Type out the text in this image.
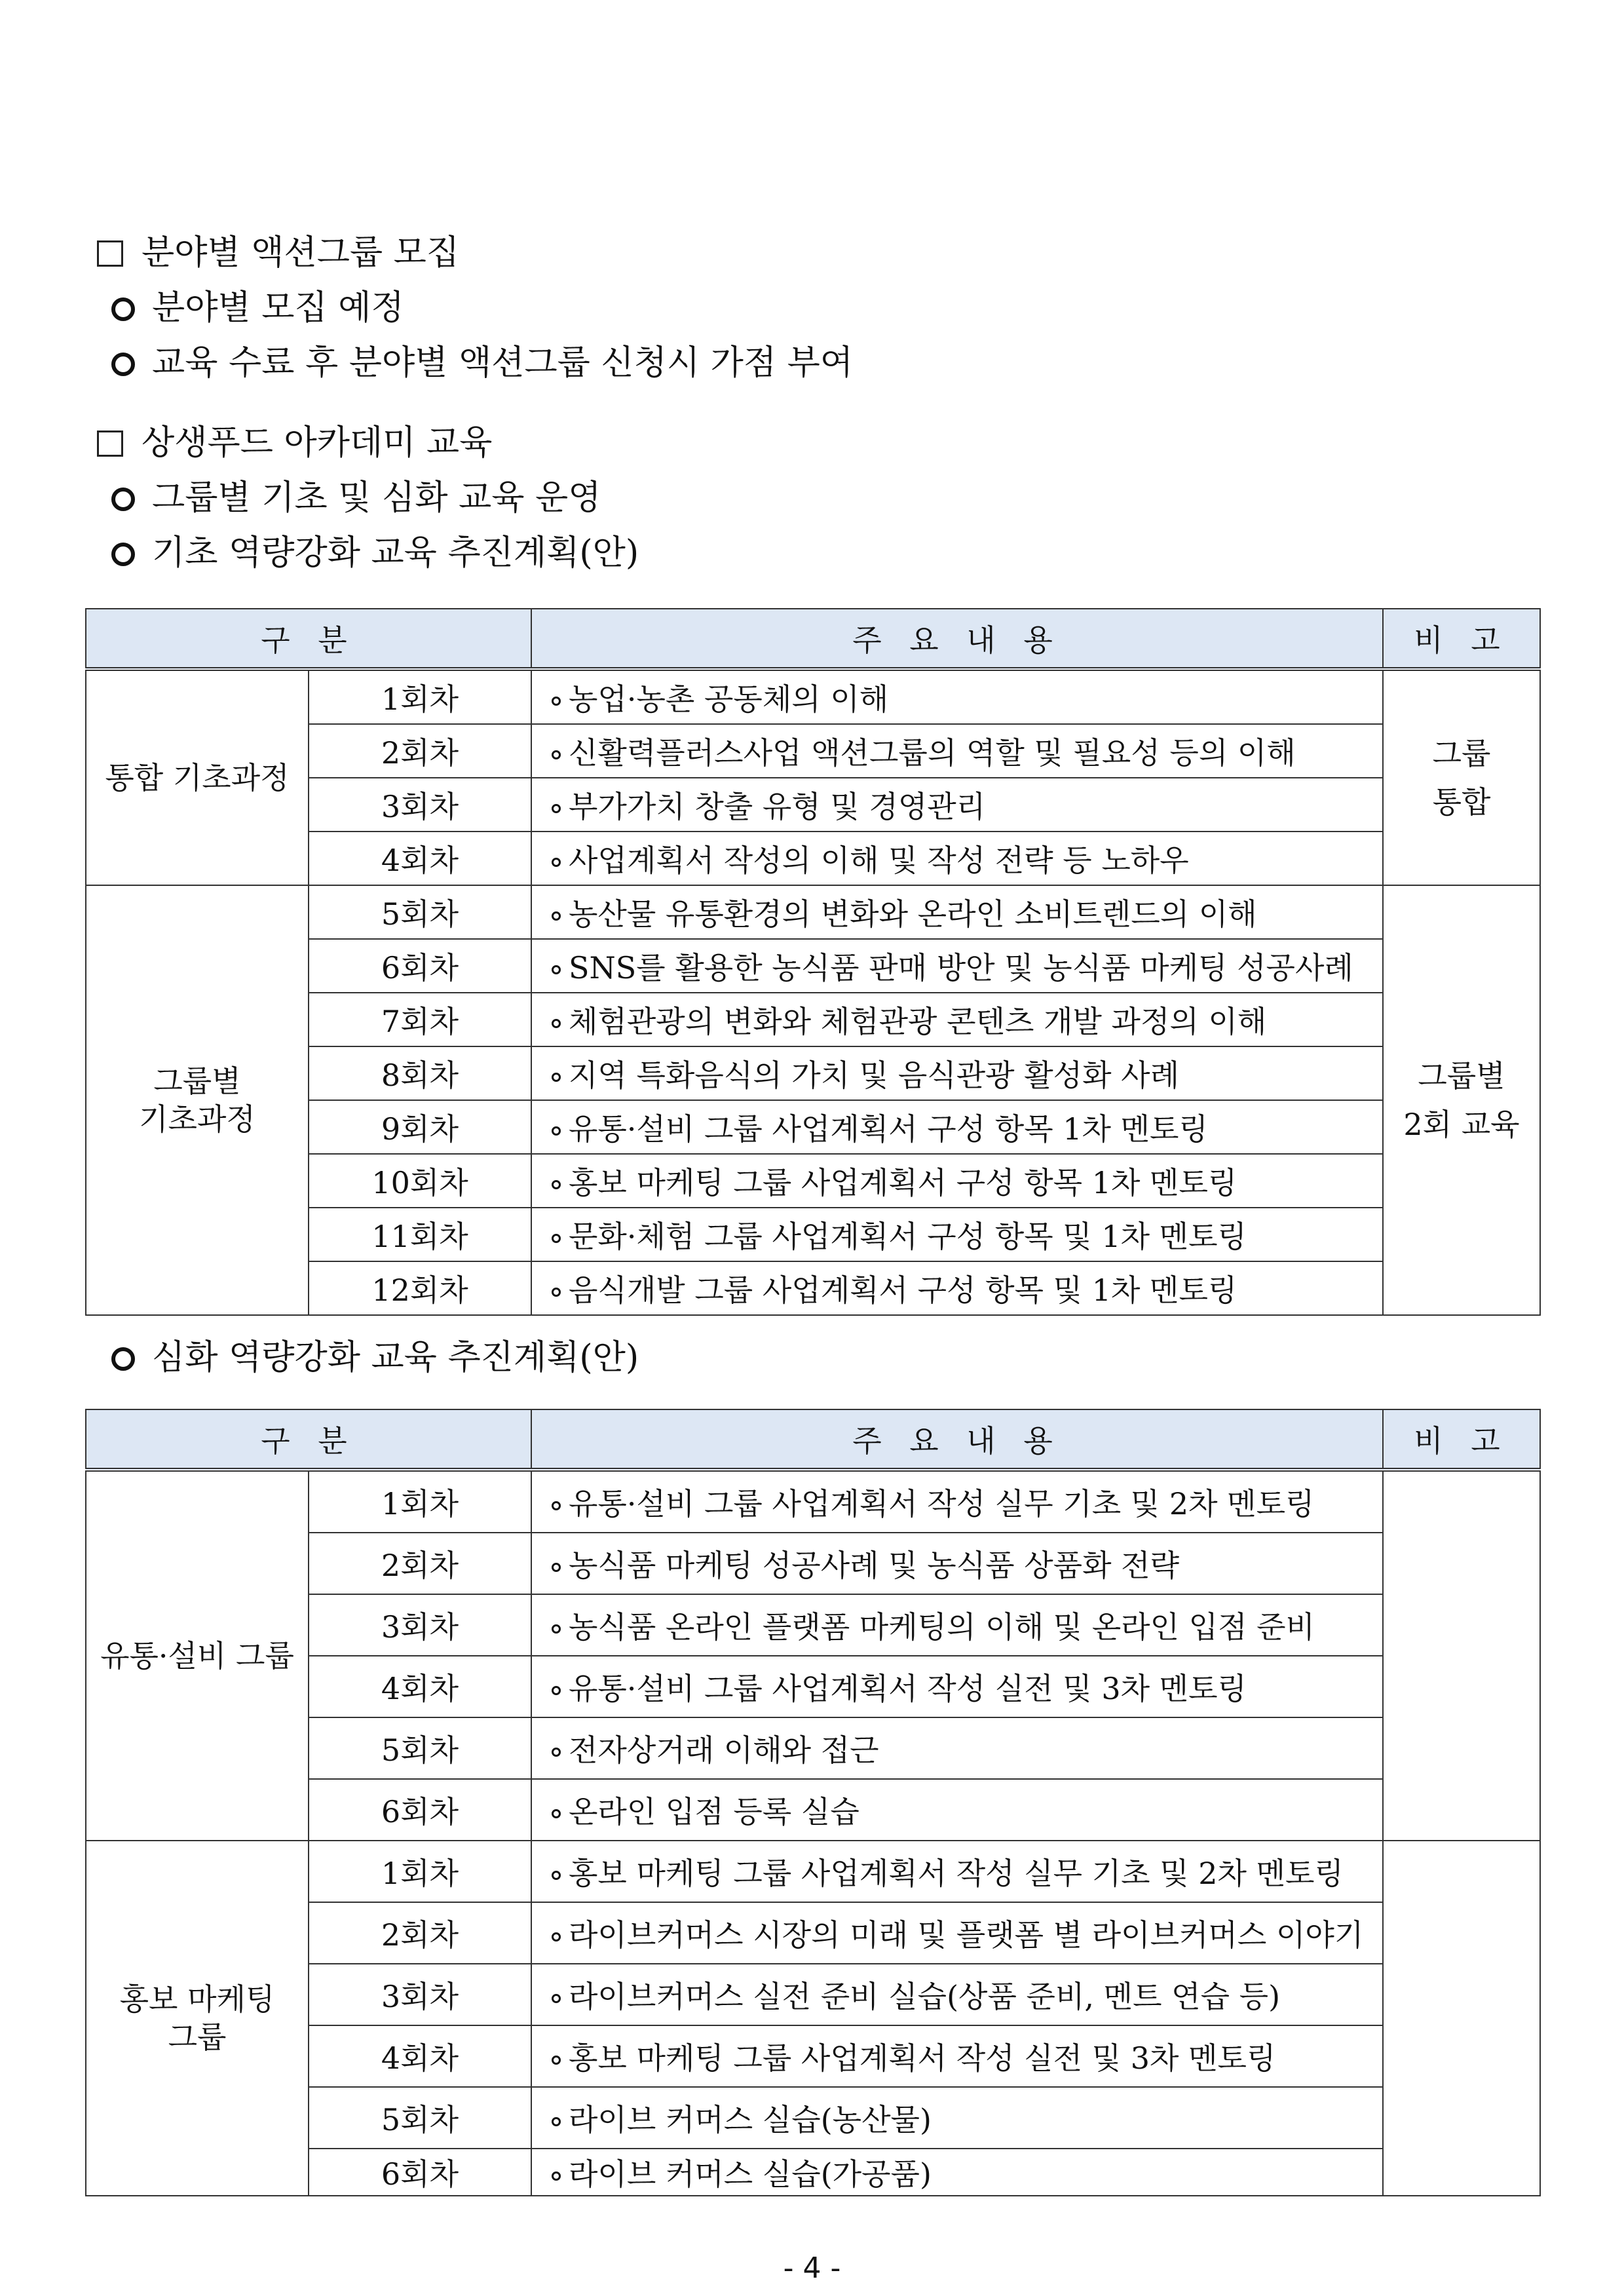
분야별 액션그룹 모집
분야별 모집 예정
교육 수료 후 분야별 액션그룹 신청시 가점 부여
상생푸드 아카데미 교육
그룹별 기초 및 심화 교육 운영
기초 역량강화 교육 추진계획(안)
구 분		주 요 내 용	비 고
통합 기초과정	1회차	농업·농촌 공동체의 이해	그룹
통합
	2회차	신활력플러스사업 액션그룹의 역할 및 필요성 등의 이해	
	3회차	부가가치 창출 유형 및 경영관리	
	4회차	사업계획서 작성의 이해 및 작성 전략 등 노하우	
그룹별
기초과정	5회차	농산물 유통환경의 변화와 온라인 소비트렌드의 이해	그룹별
2회 교육
	6회차	SNS를 활용한 농식품 판매 방안 및 농식품 마케팅 성공사례	
	7회차	체험관광의 변화와 체험관광 콘텐츠 개발 과정의 이해	
	8회차	지역 특화음식의 가치 및 음식관광 활성화 사례	
	9회차	유통·설비 그룹 사업계획서 구성 항목 1차 멘토링	
	10회차	홍보 마케팅 그룹 사업계획서 구성 항목 1차 멘토링	
	11회차	문화·체험 그룹 사업계획서 구성 항목 및 1차 멘토링	
	12회차	음식개발 그룹 사업계획서 구성 항목 및 1차 멘토링	
심화 역량강화 교육 추진계획(안)
구 분		주 요 내 용	비 고
유통·설비 그룹	1회차	유통·설비 그룹 사업계획서 작성 실무 기초 및 2차 멘토링	
	2회차	농식품 마케팅 성공사례 및 농식품 상품화 전략	
	3회차	농식품 온라인 플랫폼 마케팅의 이해 및 온라인 입점 준비	
	4회차	유통·설비 그룹 사업계획서 작성 실전 및 3차 멘토링	
	5회차	전자상거래 이해와 접근	
	6회차	온라인 입점 등록 실습	
홍보 마케팅
그룹	1회차	홍보 마케팅 그룹 사업계획서 작성 실무 기초 및 2차 멘토링	
	2회차	라이브커머스 시장의 미래 및 플랫폼 별 라이브커머스 이야기	
	3회차	라이브커머스 실전 준비 실습(상품 준비, 멘트 연습 등)	
	4회차	홍보 마케팅 그룹 사업계획서 작성 실전 및 3차 멘토링	
	5회차	라이브 커머스 실습(농산물)	
	6회차	라이브 커머스 실습(가공품)	
- 4 -
